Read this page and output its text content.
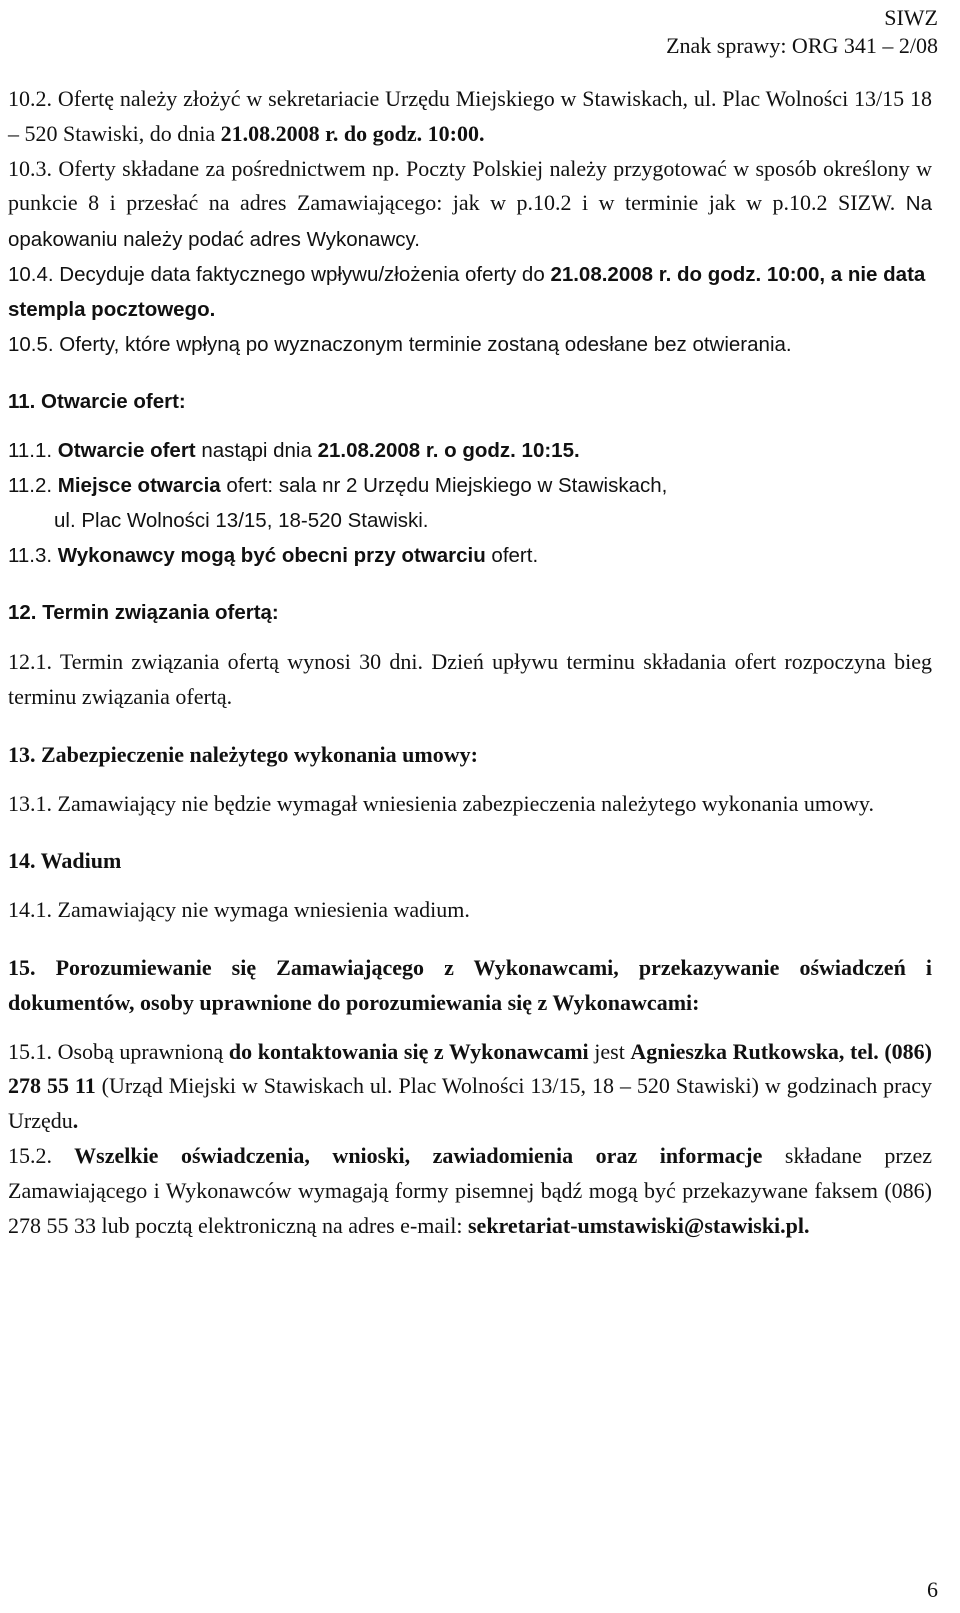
SIWZ
Znak sprawy: ORG 341 – 2/08

10.2. Ofertę należy złożyć w sekretariacie Urzędu Miejskiego w Stawiskach, ul. Plac Wolności 13/15 18 – 520 Stawiski, do dnia 21.08.2008 r. do godz. 10:00.

10.3. Oferty składane za pośrednictwem np. Poczty Polskiej należy przygotować w sposób określony w punkcie 8 i przesłać na adres Zamawiającego: jak w p.10.2 i w terminie jak w p.10.2 SIZW. Na opakowaniu należy podać adres Wykonawcy.

10.4. Decyduje data faktycznego wpływu/złożenia oferty do 21.08.2008 r. do godz. 10:00, a nie data stempla pocztowego.

10.5. Oferty, które wpłyną po wyznaczonym terminie zostaną odesłane bez otwierania.

11. Otwarcie ofert:

11.1. Otwarcie ofert nastąpi dnia 21.08.2008 r. o godz. 10:15.

11.2. Miejsce otwarcia ofert: sala nr 2 Urzędu Miejskiego w Stawiskach,

ul. Plac Wolności 13/15, 18-520 Stawiski.

11.3. Wykonawcy mogą być obecni przy otwarciu ofert.

12. Termin związania ofertą:

12.1. Termin związania ofertą wynosi 30 dni. Dzień upływu terminu składania ofert rozpoczyna bieg terminu związania ofertą.

13. Zabezpieczenie należytego wykonania umowy:

13.1. Zamawiający nie będzie wymagał wniesienia zabezpieczenia należytego wykonania umowy.

14. Wadium

14.1. Zamawiający nie wymaga wniesienia wadium.

15. Porozumiewanie się Zamawiającego z Wykonawcami, przekazywanie oświadczeń i dokumentów, osoby uprawnione do porozumiewania się z Wykonawcami:

15.1. Osobą uprawnioną do kontaktowania się z Wykonawcami jest Agnieszka Rutkowska, tel. (086) 278 55 11 (Urząd Miejski w Stawiskach ul. Plac Wolności 13/15, 18 – 520 Stawiski) w godzinach pracy Urzędu.

15.2. Wszelkie oświadczenia, wnioski, zawiadomienia oraz informacje składane przez Zamawiającego i Wykonawców wymagają formy pisemnej bądź mogą być przekazywane faksem (086) 278 55 33 lub pocztą elektroniczną na adres e-mail: sekretariat-umstawiski@stawiski.pl.

6
